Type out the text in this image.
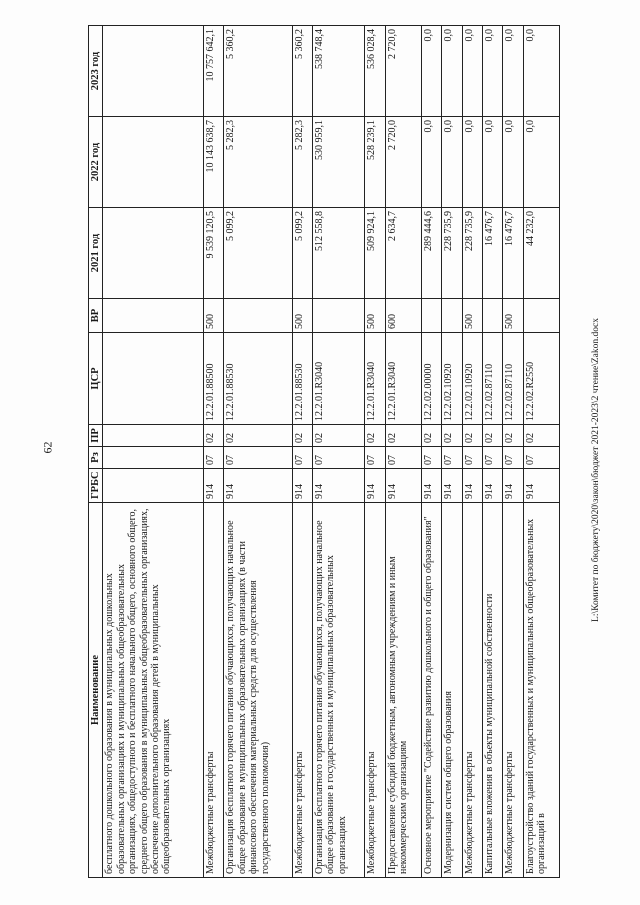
62
Наименование	ГРБС	Рз	ПР	ЦСР	ВР	2021 год	2022 год	2023 год
бесплатного дошкольного образования в муниципальных дошкольных образовательных организациях и муниципальных общеобразовательных организациях, общедоступного и бесплатного начального общего, основного общего, среднего общего образования в муниципальных общеобразовательных организациях, обеспечение дополнительного образования детей в муниципальных общеобразовательных организациях								
Межбюджетные трансферты	914	07	02	12.2.01.88500	500	9 539 120,5	10 143 638,7	10 757 642,1
Организация бесплатного горячего питания обучающихся, получающих начальное общее образование в муниципальных образовательных организациях (в части финансового обеспечения материальных средств для осуществления государственного полномочия)	914	07	02	12.2.01.88530		5 099,2	5 282,3	5 360,2
Межбюджетные трансферты	914	07	02	12.2.01.88530	500	5 099,2	5 282,3	5 360,2
Организация бесплатного горячего питания обучающихся, получающих начальное общее образование в государственных и муниципальных образовательных организациях	914	07	02	12.2.01.R3040		512 558,8	530 959,1	538 748,4
Межбюджетные трансферты	914	07	02	12.2.01.R3040	500	509 924,1	528 239,1	536 028,4
Предоставление субсидий бюджетным, автономным учреждениям и иным некоммерческим организациям	914	07	02	12.2.01.R3040	600	2 634,7	2 720,0	2 720,0
Основное мероприятие "Содействие развитию дошкольного и общего образования"	914	07	02	12.2.02.00000		289 444,6	0,0	0,0
Модернизация систем общего образования	914	07	02	12.2.02.10920		228 735,9	0,0	0,0
Межбюджетные трансферты	914	07	02	12.2.02.10920	500	228 735,9	0,0	0,0
Капитальные вложения в объекты муниципальной собственности	914	07	02	12.2.02.87110		16 476,7	0,0	0,0
Межбюджетные трансферты	914	07	02	12.2.02.87110	500	16 476,7	0,0	0,0
Благоустройство зданий государственных и муниципальных общеобразовательных организаций в	914	07	02	12.2.02.R2550		44 232,0	0,0	0,0
L:\Комитет по бюджету\2020\закон\бюджет 2021-2023\2 чтение\Zakon.docx
